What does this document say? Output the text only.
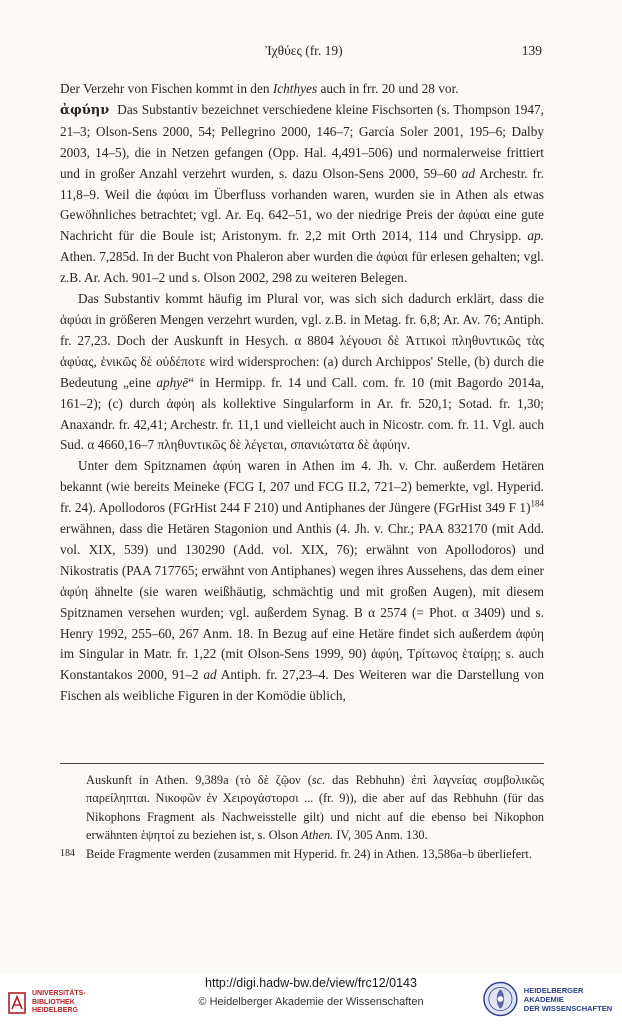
Ἰχθύες (fr. 19)	139

Der Verzehr von Fischen kommt in den Ichthyes auch in frr. 20 und 28 vor.

ἀφύην Das Substantiv bezeichnet verschiedene kleine Fischsorten (s. Thompson 1947, 21–3; Olson-Sens 2000, 54; Pellegrino 2000, 146–7; García Soler 2001, 195–6; Dalby 2003, 14–5), die in Netzen gefangen (Opp. Hal. 4,491–506) und normalerweise frittiert und in großer Anzahl verzehrt wurden, s. dazu Olson-Sens 2000, 59–60 ad Archestr. fr. 11,8–9. Weil die ἀφύαι im Überfluss vorhanden waren, wurden sie in Athen als etwas Gewöhnliches betrachtet; vgl. Ar. Eq. 642–51, wo der niedrige Preis der ἀφύαι eine gute Nachricht für die Boule ist; Aristonym. fr. 2,2 mit Orth 2014, 114 und Chrysipp. ap. Athen. 7,285d. In der Bucht von Phaleron aber wurden die ἀφύαι für erlesen gehalten; vgl. z.B. Ar. Ach. 901–2 und s. Olson 2002, 298 zu weiteren Belegen.

Das Substantiv kommt häufig im Plural vor, was sich sich dadurch erklärt, dass die ἀφύαι in größeren Mengen verzehrt wurden, vgl. z.B. in Metag. fr. 6,8; Ar. Av. 76; Antiph. fr. 27,23. Doch der Auskunft in Hesych. α 8804 λέγουσι δὲ Ἀττικοὶ πληθυντικῶς τὰς ἀφύας, ἑνικῶς δὲ οὐδέποτε wird widersprochen: (a) durch Archippos' Stelle, (b) durch die Bedeutung „eine aphyē“ in Hermipp. fr. 14 und Call. com. fr. 10 (mit Bagordo 2014a, 161–2); (c) durch ἀφύη als kollektive Singularform in Ar. fr. 520,1; Sotad. fr. 1,30; Anaxandr. fr. 42,41; Archestr. fr. 11,1 und vielleicht auch in Nicostr. com. fr. 11. Vgl. auch Sud. α 4660,16–7 πληθυντικῶς δὲ λέγεται, σπανιώτατα δὲ ἀφύην.

Unter dem Spitznamen ἀφύη waren in Athen im 4. Jh. v. Chr. außerdem Hetären bekannt (wie bereits Meineke (FCG I, 207 und FCG II.2, 721–2) bemerkte, vgl. Hyperid. fr. 24). Apollodoros (FGrHist 244 F 210) und Antiphanes der Jüngere (FGrHist 349 F 1)$^{184}$ erwähnen, dass die Hetären Stagonion und Anthis (4. Jh. v. Chr.; PAA 832170 (mit Add. vol. XIX, 539) und 130290 (Add. vol. XIX, 76); erwähnt von Apollodoros) und Nikostratis (PAA 717765; erwähnt von Antiphanes) wegen ihres Aussehens, das dem einer ἀφύη ähnelte (sie waren weißhäutig, schmächtig und mit großen Augen), mit diesem Spitznamen versehen wurden; vgl. außerdem Synag. B α 2574 (= Phot. α 3409) und s. Henry 1992, 255–60, 267 Anm. 18. In Bezug auf eine Hetäre findet sich außerdem ἀφύη im Singular in Matr. fr. 1,22 (mit Olson-Sens 1999, 90) ἀφύη, Τρίτωνος ἑταίρῃ; s. auch Konstantakos 2000, 91–2 ad Antiph. fr. 27,23–4. Des Weiteren war die Darstellung von Fischen als weibliche Figuren in der Komödie üblich,

Auskunft in Athen. 9,389a (τὸ δὲ ζῷον (sc. das Rebhuhn) ἐπὶ λαγνείας συμβολικῶς παρείληπται. Νικοφῶν ἐν Χειρογάστορσι ... (fr. 9)), die aber auf das Rebhuhn (für das Nikophons Fragment als Nachweisstelle gilt) und nicht auf die ebenso bei Nikophon erwähnten ἑψητοί zu beziehen ist, s. Olson Athen. IV, 305 Anm. 130.

184 Beide Fragmente werden (zusammen mit Hyperid. fr. 24) in Athen. 13,586a–b überliefert.

UNIVERSITÄTS-
BIBLIOTHEK
HEIDELBERG
http://digi.hadw-bw.de/view/frc12/0143
© Heidelberger Akademie der Wissenschaften
HEIDELBERGER AKADEMIE
DER WISSENSCHAFTEN
